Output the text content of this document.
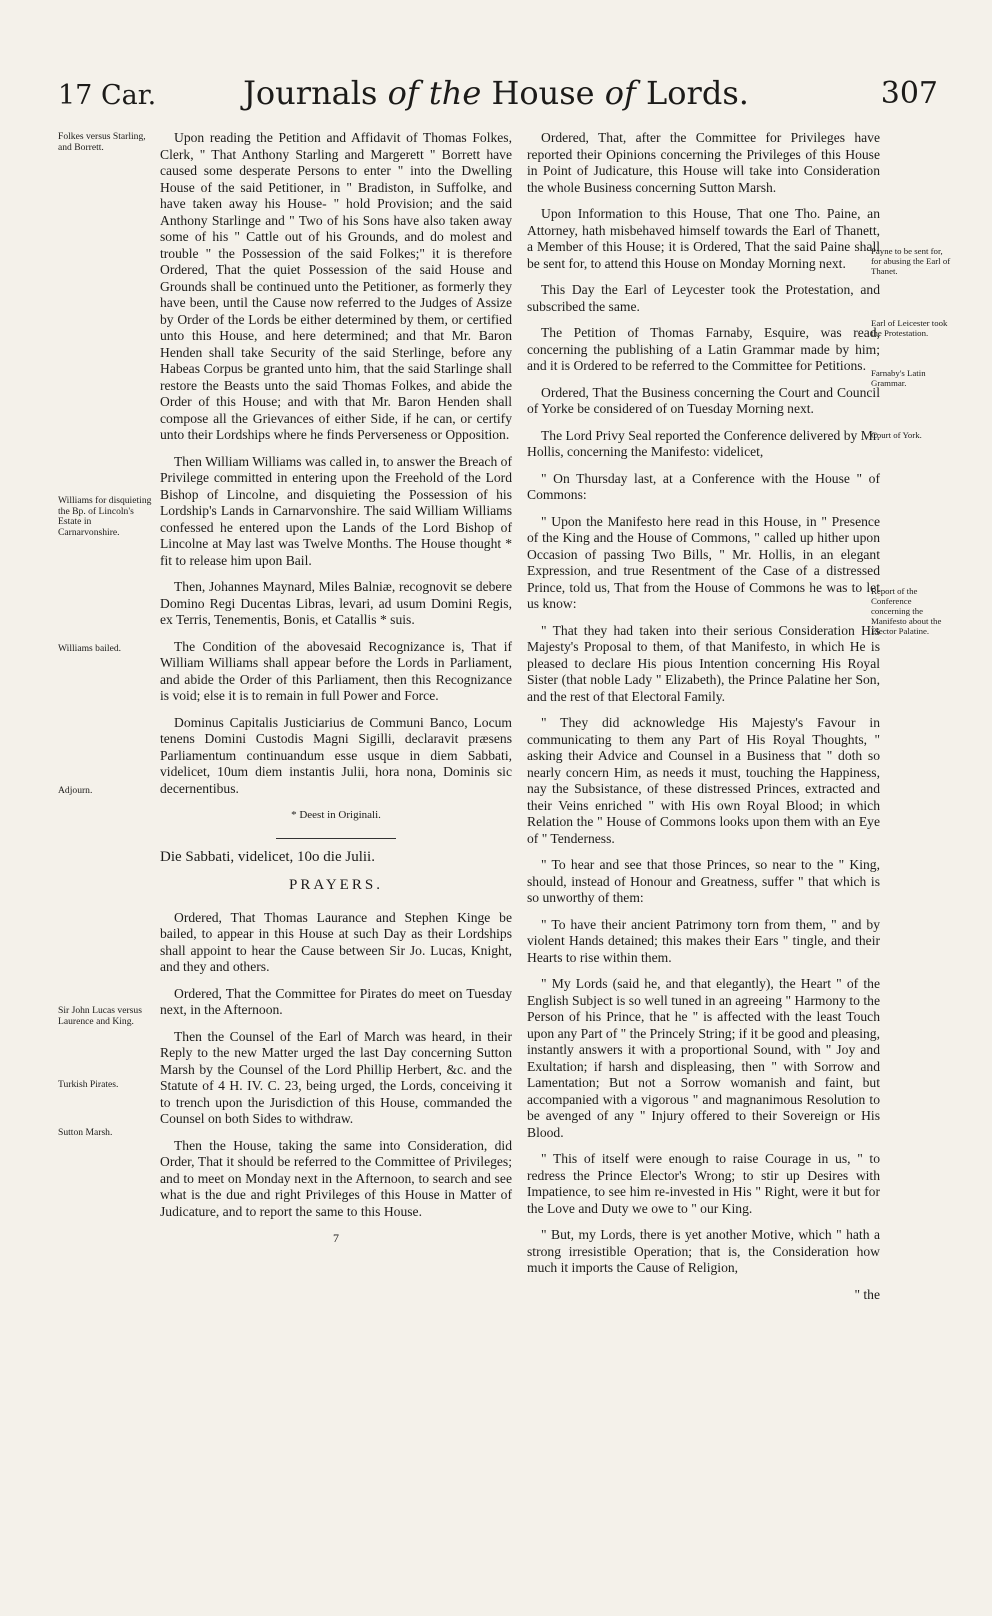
17 Car.	Journals of the House of Lords.	307
Folkes versus Starling, and Borrett.
Williams for disquieting the Bp. of Lincoln's Estate in Carnarvonshire.
Williams bailed.
Adjourn.
Sir John Lucas versus Laurence and King.
Turkish Pirates.
Sutton Marsh.
Payne to be sent for, for abusing the Earl of Thanet.
Earl of Leicester took the Protestation.
Farnaby's Latin Grammar.
Court of York.
Report of the Conference concerning the Manifesto about the Elector Palatine.

Upon reading the Petition and Affidavit of Thomas Folkes, Clerk, " That Anthony Starling and Margerett " Borrett have caused some desperate Persons to enter " into the Dwelling House of the said Petitioner, in " Bradiston, in Suffolke, and have taken away his House- " hold Provision; and the said Anthony Starlinge and " Two of his Sons have also taken away some of his " Cattle out of his Grounds, and do molest and trouble " the Possession of the said Folkes;" it is therefore Ordered, That the quiet Possession of the said House and Grounds shall be continued unto the Petitioner, as formerly they have been, until the Cause now referred to the Judges of Assize by Order of the Lords be either determined by them, or certified unto this House, and here determined; and that Mr. Baron Henden shall take Security of the said Sterlinge, before any Habeas Corpus be granted unto him, that the said Starlinge shall restore the Beasts unto the said Thomas Folkes, and abide the Order of this House; and with that Mr. Baron Henden shall compose all the Grievances of either Side, if he can, or certify unto their Lordships where he finds Perverseness or Opposition.

Then William Williams was called in, to answer the Breach of Privilege committed in entering upon the Freehold of the Lord Bishop of Lincolne, and disquieting the Possession of his Lordship's Lands in Carnarvonshire. The said William Williams confessed he entered upon the Lands of the Lord Bishop of Lincolne at May last was Twelve Months. The House thought * fit to release him upon Bail.

Then, Johannes Maynard, Miles Balniæ, recognovit se debere Domino Regi Ducentas Libras, levari, ad usum Domini Regis, ex Terris, Tenementis, Bonis, et Catallis * suis.

The Condition of the abovesaid Recognizance is, That if William Williams shall appear before the Lords in Parliament, and abide the Order of this Parliament, then this Recognizance is void; else it is to remain in full Power and Force.

Dominus Capitalis Justiciarius de Communi Banco, Locum tenens Domini Custodis Magni Sigilli, declaravit præsens Parliamentum continuandum esse usque in diem Sabbati, videlicet, 10um diem instantis Julii, hora nona, Dominis sic decernentibus.

* Deest in Originali.

Die Sabbati, videlicet, 10o die Julii.

PRAYERS.

Ordered, That Thomas Laurance and Stephen Kinge be bailed, to appear in this House at such Day as their Lordships shall appoint to hear the Cause between Sir Jo. Lucas, Knight, and they and others.

Ordered, That the Committee for Pirates do meet on Tuesday next, in the Afternoon.

Then the Counsel of the Earl of March was heard, in their Reply to the new Matter urged the last Day concerning Sutton Marsh by the Counsel of the Lord Phillip Herbert, &c. and the Statute of 4 H. IV. C. 23, being urged, the Lords, conceiving it to trench upon the Jurisdiction of this House, commanded the Counsel on both Sides to withdraw.

Then the House, taking the same into Consideration, did Order, That it should be referred to the Committee of Privileges; and to meet on Monday next in the Afternoon, to search and see what is the due and right Privileges of this House in Matter of Judicature, and to report the same to this House.

7

Ordered, That, after the Committee for Privileges have reported their Opinions concerning the Privileges of this House in Point of Judicature, this House will take into Consideration the whole Business concerning Sutton Marsh.

Upon Information to this House, That one Tho. Paine, an Attorney, hath misbehaved himself towards the Earl of Thanett, a Member of this House; it is Ordered, That the said Paine shall be sent for, to attend this House on Monday Morning next.

This Day the Earl of Leycester took the Protestation, and subscribed the same.

The Petition of Thomas Farnaby, Esquire, was read, concerning the publishing of a Latin Grammar made by him; and it is Ordered to be referred to the Committee for Petitions.

Ordered, That the Business concerning the Court and Council of Yorke be considered of on Tuesday Morning next.

The Lord Privy Seal reported the Conference delivered by Mr. Hollis, concerning the Manifesto: videlicet,

" On Thursday last, at a Conference with the House " of Commons:

" Upon the Manifesto here read in this House, in " Presence of the King and the House of Commons, " called up hither upon Occasion of passing Two Bills, " Mr. Hollis, in an elegant Expression, and true Resentment of the Case of a distressed Prince, told us, That from the House of Commons he was to let us know:

" That they had taken into their serious Consideration His Majesty's Proposal to them, of that Manifesto, in which He is pleased to declare His pious Intention concerning His Royal Sister (that noble Lady " Elizabeth), the Prince Palatine her Son, and the rest of that Electoral Family.

" They did acknowledge His Majesty's Favour in communicating to them any Part of His Royal Thoughts, " asking their Advice and Counsel in a Business that " doth so nearly concern Him, as needs it must, touching the Happiness, nay the Subsistance, of these distressed Princes, extracted and their Veins enriched " with His own Royal Blood; in which Relation the " House of Commons looks upon them with an Eye of " Tenderness.

" To hear and see that those Princes, so near to the " King, should, instead of Honour and Greatness, suffer " that which is so unworthy of them:

" To have their ancient Patrimony torn from them, " and by violent Hands detained; this makes their Ears " tingle, and their Hearts to rise within them.

" My Lords (said he, and that elegantly), the Heart " of the English Subject is so well tuned in an agreeing " Harmony to the Person of his Prince, that he " is affected with the least Touch upon any Part of " the Princely String; if it be good and pleasing, instantly answers it with a proportional Sound, with " Joy and Exultation; if harsh and displeasing, then " with Sorrow and Lamentation; But not a Sorrow womanish and faint, but accompanied with a vigorous " and magnanimous Resolution to be avenged of any " Injury offered to their Sovereign or His Blood.

" This of itself were enough to raise Courage in us, " to redress the Prince Elector's Wrong; to stir up Desires with Impatience, to see him re-invested in His " Right, were it but for the Love and Duty we owe to " our King.

" But, my Lords, there is yet another Motive, which " hath a strong irresistible Operation; that is, the Consideration how much it imports the Cause of Religion,

" the
